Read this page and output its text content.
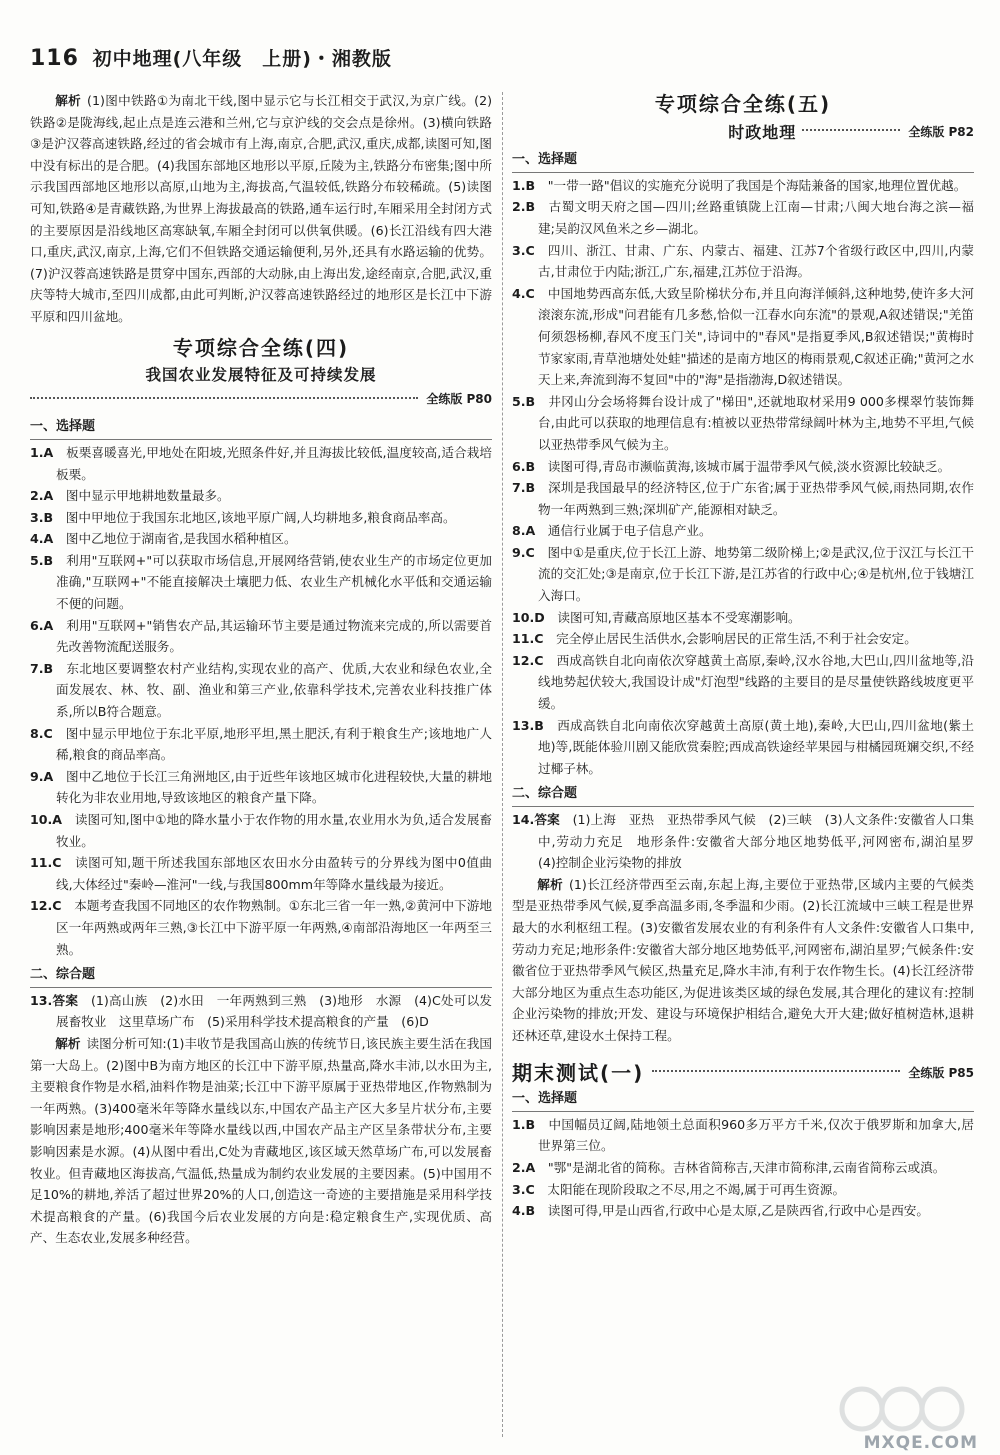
116 初中地理(八年级　上册)・湘教版

解析 (1)图中铁路①为南北干线,图中显示它与长江相交于武汉,为京广线。(2)铁路②是陇海线,起止点是连云港和兰州,它与京沪线的交会点是徐州。(3)横向铁路③是沪汉蓉高速铁路,经过的省会城市有上海,南京,合肥,武汉,重庆,成都,读图可知,图中没有标出的是合肥。(4)我国东部地区地形以平原,丘陵为主,铁路分布密集;图中所示我国西部地区地形以高原,山地为主,海拔高,气温较低,铁路分布较稀疏。(5)读图可知,铁路④是青藏铁路,为世界上海拔最高的铁路,通车运行时,车厢采用全封闭方式的主要原因是沿线地区高寒缺氧,车厢全封闭可以供氧供暖。(6)长江沿线有四大港口,重庆,武汉,南京,上海,它们不但铁路交通运输便利,另外,还具有水路运输的优势。(7)沪汉蓉高速铁路是贯穿中国东,西部的大动脉,由上海出发,途经南京,合肥,武汉,重庆等特大城市,至四川成都,由此可判断,沪汉蓉高速铁路经过的地形区是长江中下游平原和四川盆地。

专项综合全练(四)
我国农业发展特征及可持续发展
全练版 P80
一、选择题

1.A　 板栗喜暖喜光,甲地处在阳坡,光照条件好,并且海拔比较低,温度较高,适合栽培板栗。

2.A　 图中显示甲地耕地数量最多。

3.B　 图中甲地位于我国东北地区,该地平原广阔,人均耕地多,粮食商品率高。

4.A　 图中乙地位于湖南省,是我国水稻种植区。

5.B　 利用"互联网+"可以获取市场信息,开展网络营销,使农业生产的市场定位更加准确,"互联网+"不能直接解决土壤肥力低、农业生产机械化水平低和交通运输不便的问题。

6.A　 利用"互联网+"销售农产品,其运输环节主要是通过物流来完成的,所以需要首先改善物流配送服务。

7.B　 东北地区要调整农村产业结构,实现农业的高产、优质,大农业和绿色农业,全面发展农、林、牧、副、渔业和第三产业,依靠科学技术,完善农业科技推广体系,所以B符合题意。

8.C　 图中显示甲地位于东北平原,地形平坦,黑土肥沃,有利于粮食生产;该地地广人稀,粮食的商品率高。

9.A　 图中乙地位于长江三角洲地区,由于近些年该地区城市化进程较快,大量的耕地转化为非农业用地,导致该地区的粮食产量下降。

10.A　 读图可知,图中①地的降水量小于农作物的用水量,农业用水为负,适合发展畜牧业。

11.C　 读图可知,题干所述我国东部地区农田水分由盈转亏的分界线为图中0值曲线,大体经过"秦岭—淮河"一线,与我国800mm年等降水量线最为接近。

12.C　 本题考查我国不同地区的农作物熟制。①东北三省一年一熟,②黄河中下游地区一年两熟或两年三熟,③长江中下游平原一年两熟,④南部沿海地区一年两至三熟。

二、综合题

13.答案　 (1)高山族　(2)水田　一年两熟到三熟　(3)地形　水源　(4)C处可以发展畜牧业　这里草场广布　(5)采用科学技术提高粮食的产量　(6)D

解析 读图分析可知:(1)丰收节是我国高山族的传统节日,该民族主要生活在我国第一大岛上。(2)图中B为南方地区的长江中下游平原,热量高,降水丰沛,以水田为主,主要粮食作物是水稻,油料作物是油菜;长江中下游平原属于亚热带地区,作物熟制为一年两熟。(3)400毫米年等降水量线以东,中国农产品主产区大多呈片状分布,主要影响因素是地形;400毫米年等降水量线以西,中国农产品主产区呈条带状分布,主要影响因素是水源。(4)从图中看出,C处为青藏地区,该区域天然草场广布,可以发展畜牧业。但青藏地区海拔高,气温低,热量成为制约农业发展的主要因素。(5)中国用不足10%的耕地,养活了超过世界20%的人口,创造这一奇迹的主要措施是采用科学技术提高粮食的产量。(6)我国今后农业发展的方向是:稳定粮食生产,实现优质、高产、生态农业,发展多种经营。

专项综合全练(五)
时政地理	全练版 P82
一、选择题

1.B　 "一带一路"倡议的实施充分说明了我国是个海陆兼备的国家,地理位置优越。

2.B　 古蜀文明天府之国—四川;丝路重镇陇上江南—甘肃;八闽大地台海之滨—福建;吴韵汉风鱼米之乡—湖北。

3.C　 四川、浙江、甘肃、广东、内蒙古、福建、江苏7个省级行政区中,四川,内蒙古,甘肃位于内陆;浙江,广东,福建,江苏位于沿海。

4.C　 中国地势西高东低,大致呈阶梯状分布,并且向海洋倾斜,这种地势,使许多大河滚滚东流,形成"问君能有几多愁,恰似一江春水向东流"的景观,A叙述错误;"羌笛何须怨杨柳,春风不度玉门关",诗词中的"春风"是指夏季风,B叙述错误;"黄梅时节家家雨,青草池塘处处蛙"描述的是南方地区的梅雨景观,C叙述正确;"黄河之水天上来,奔流到海不复回"中的"海"是指渤海,D叙述错误。

5.B　 井冈山分会场将舞台设计成了"梯田",还就地取材采用9 000多棵翠竹装饰舞台,由此可以获取的地理信息有:植被以亚热带常绿阔叶林为主,地势不平坦,气候以亚热带季风气候为主。

6.B　 读图可得,青岛市濒临黄海,该城市属于温带季风气候,淡水资源比较缺乏。

7.B　 深圳是我国最早的经济特区,位于广东省;属于亚热带季风气候,雨热同期,农作物一年两熟到三熟;深圳矿产,能源相对缺乏。

8.A　 通信行业属于电子信息产业。

9.C　 图中①是重庆,位于长江上游、地势第二级阶梯上;②是武汉,位于汉江与长江干流的交汇处;③是南京,位于长江下游,是江苏省的行政中心;④是杭州,位于钱塘江入海口。

10.D　 读图可知,青藏高原地区基本不受寒潮影响。

11.C　 完全停止居民生活供水,会影响居民的正常生活,不利于社会安定。

12.C　 西成高铁自北向南依次穿越黄土高原,秦岭,汉水谷地,大巴山,四川盆地等,沿线地势起伏较大,我国设计成"灯泡型"线路的主要目的是尽量使铁路线坡度更平缓。

13.B　 西成高铁自北向南依次穿越黄土高原(黄土地),秦岭,大巴山,四川盆地(紫土地)等,既能体验川剧又能欣赏秦腔;西成高铁途经苹果园与柑橘园斑斓交织,不经过椰子林。

二、综合题

14.答案　 (1)上海　亚热　亚热带季风气候　(2)三峡　(3)人文条件:安徽省人口集中,劳动力充足　地形条件:安徽省大部分地区地势低平,河网密布,湖泊星罗　(4)控制企业污染物的排放

解析 (1)长江经济带西至云南,东起上海,主要位于亚热带,区域内主要的气候类型是亚热带季风气候,夏季高温多雨,冬季温和少雨。(2)长江流域中三峡工程是世界最大的水利枢纽工程。(3)安徽省发展农业的有利条件有人文条件:安徽省人口集中,劳动力充足;地形条件:安徽省大部分地区地势低平,河网密布,湖泊星罗;气候条件:安徽省位于亚热带季风气候区,热量充足,降水丰沛,有利于农作物生长。(4)长江经济带大部分地区为重点生态功能区,为促进该类区域的绿色发展,其合理化的建议有:控制企业污染物的排放;开发、建设与环境保护相结合,避免大开大建;做好植树造林,退耕还林还草,建设水土保持工程。

期末测试(一)	全练版 P85
一、选择题

1.B　 中国幅员辽阔,陆地领土总面积960多万平方千米,仅次于俄罗斯和加拿大,居世界第三位。

2.A　 "鄂"是湖北省的简称。吉林省简称吉,天津市简称津,云南省简称云或滇。

3.C　 太阳能在现阶段取之不尽,用之不竭,属于可再生资源。

4.B　 读图可得,甲是山西省,行政中心是太原,乙是陕西省,行政中心是西安。

MXQE.COM
